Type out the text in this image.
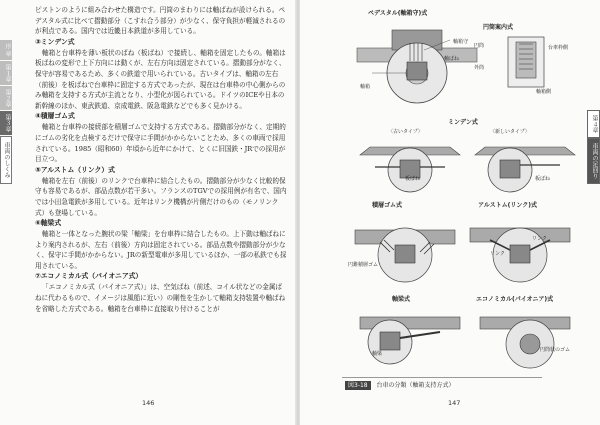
序 章
第１章
第２章
第３章
車両のしくみ

ピストンのように組み合わせた構造です。円筒のまわりには軸ばねが設けられる。ペデスタル式に比べて摺動部分（こすれ合う部分）が少なく、保守負担が軽減されるのが利点である。国内では近畿日本鉄道が多用している。

③ミンデン式

軸箱と台車枠を薄い板状のばね（板ばね）で接続し、軸箱を固定したもの。軸箱は板ばねの変形で上下方向には動くが、左右方向は固定されている。摺動部分がなく、保守が容易であるため、多くの鉄道で用いられている。古いタイプは、軸箱の左右（前後）を板ばねで台車枠に固定する方式であったが、現在は台車枠の中心側からのみ軸箱を支持する方式が主流となり、小型化が図られている。ドイツのICEや日本の新幹線のほか、東武鉄道、京成電鉄、阪急電鉄などでも多く見かける。

④積層ゴム式

軸箱と台車枠の接続部を積層ゴムで支持する方式である。摺動部分がなく、定期的にゴムの劣化を点検するだけで保守に手間がかからないことため、多くの車両で採用されている。1985（昭和60）年頃から近年にかけて、とくに旧国鉄・JRでの採用が目立つ。

⑤アルストム（リンク）式

軸箱を左右（前後）のリンクで台車枠に結合したもの。摺動部分が少なく比較的保守も容易であるが、部品点数が若干多い。フランスのTGVでの採用例が有名で、国内では小田急電鉄が多用している。近年はリンク機構が片側だけのもの（モノリンク式）も登場している。

⑥軸梁式

軸箱と一体となった腕状の梁「軸梁」を台車枠に結合したもの。上下動は軸ばねにより案内されるが、左右（前後）方向は固定されている。部品点数や摺動部分が少なく、保守に手間がかからない。JRの新型電車が多用しているほか、一部の私鉄でも採用されている。

⑦エコノミカル式（パイオニア式）

「エコノミカル式（パイオニア式）」は、空気ばね（前述、コイル状などの金属ばねに代わるもので、イメージは風船に近い）の剛性を生かして軸箱支持装置や軸ばねを省略した方式である。軸箱を台車枠に直接取り付けることが

146
第４章
車両の足回り
147
ペデスタル(軸箱守)式
軸箱守
軸ばね
軸箱
円筒案内式
円筒	台車枠側
外筒
軸箱側
ミンデン式
〈古いタイプ〉	〈新しいタイプ〉
板ばね	板ばね
積層ゴム式
円錐積層ゴム
アルストム(リンク)式
リンク
リンク
軸梁式
軸梁
エコノミカル(パイオニア)式
円筒状のゴム
図3-18 台車の分類（軸箱支持方式）
